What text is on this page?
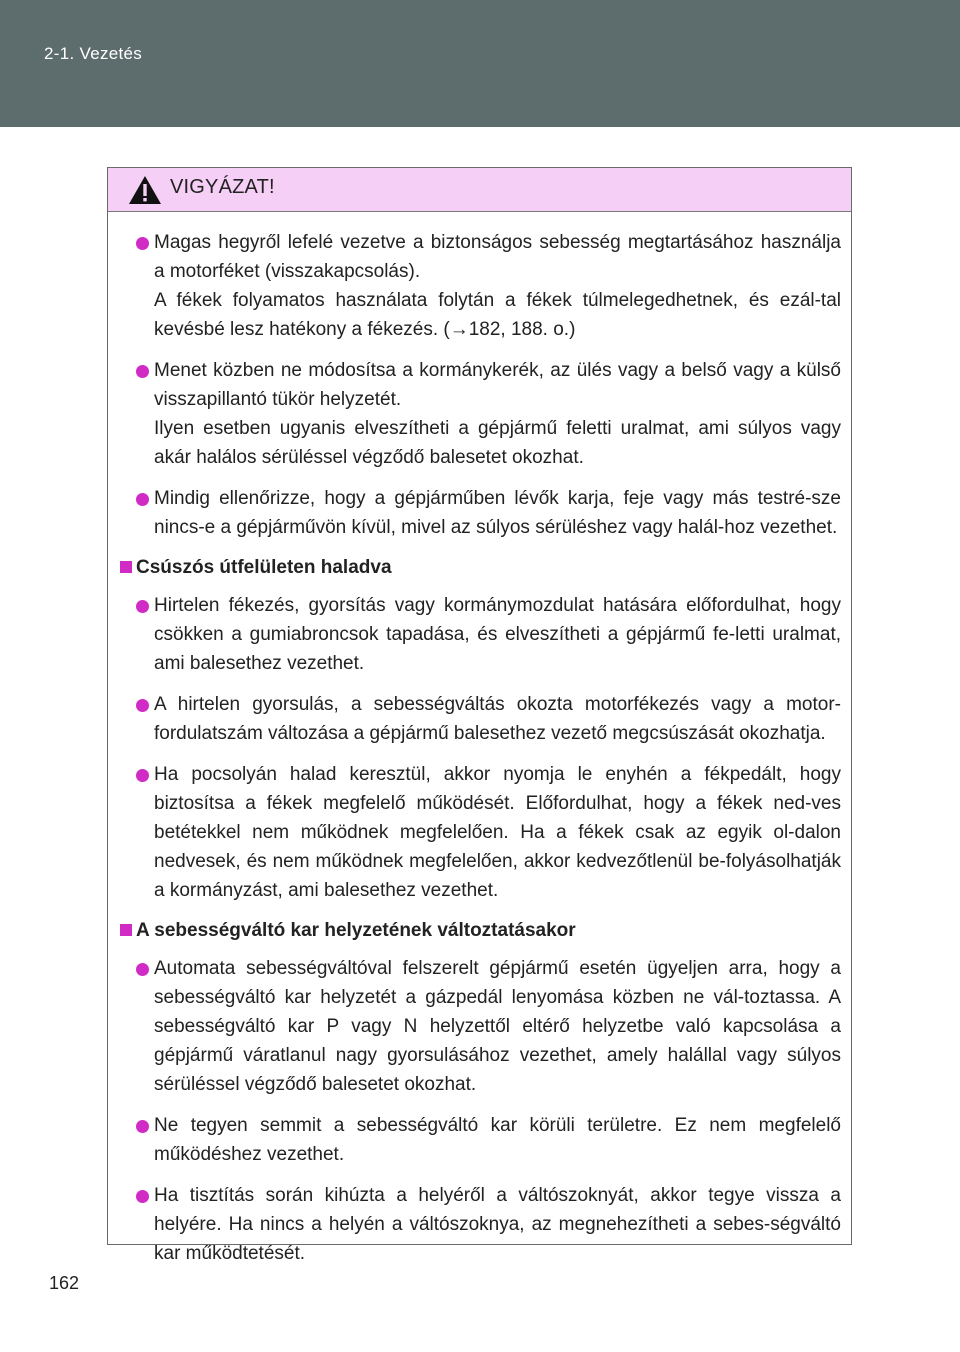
2-1. Vezetés
VIGYÁZAT!

Magas hegyről lefelé vezetve a biztonságos sebesség megtartásához használja a motorféket (visszakapcsolás).

A fékek folyamatos használata folytán a fékek túlmelegedhetnek, és ezál-tal kevésbé lesz hatékony a fékezés. (→182, 188. o.)

Menet közben ne módosítsa a kormánykerék, az ülés vagy a belső vagy a külső visszapillantó tükör helyzetét.

Ilyen esetben ugyanis elveszítheti a gépjármű feletti uralmat, ami súlyos vagy akár halálos sérüléssel végződő balesetet okozhat.

Mindig ellenőrizze, hogy a gépjárműben lévők karja, feje vagy más testré-sze nincs-e a gépjárművön kívül, mivel az súlyos sérüléshez vagy halál-hoz vezethet.

Csúszós útfelületen haladva

Hirtelen fékezés, gyorsítás vagy kormánymozdulat hatására előfordulhat, hogy csökken a gumiabroncsok tapadása, és elveszítheti a gépjármű fe-letti uralmat, ami balesethez vezethet.

A hirtelen gyorsulás, a sebességváltás okozta motorfékezés vagy a motor-fordulatszám változása a gépjármű balesethez vezető megcsúszását okozhatja.

Ha pocsolyán halad keresztül, akkor nyomja le enyhén a fékpedált, hogy biztosítsa a fékek megfelelő működését. Előfordulhat, hogy a fékek ned-ves betétekkel nem működnek megfelelően. Ha a fékek csak az egyik ol-dalon nedvesek, és nem működnek megfelelően, akkor kedvezőtlenül be-folyásolhatják a kormányzást, ami balesethez vezethet.

A sebességváltó kar helyzetének változtatásakor

Automata sebességváltóval felszerelt gépjármű esetén ügyeljen arra, hogy a sebességváltó kar helyzetét a gázpedál lenyomása közben ne vál-toztassa. A sebességváltó kar P vagy N helyzettől eltérő helyzetbe való kapcsolása a gépjármű váratlanul nagy gyorsulásához vezethet, amely halállal vagy súlyos sérüléssel végződő balesetet okozhat.

Ne tegyen semmit a sebességváltó kar körüli területre. Ez nem megfelelő működéshez vezethet.

Ha tisztítás során kihúzta a helyéről a váltószoknyát, akkor tegye vissza a helyére. Ha nincs a helyén a váltószoknya, az megnehezítheti a sebes-ségváltó kar működtetését.

162
